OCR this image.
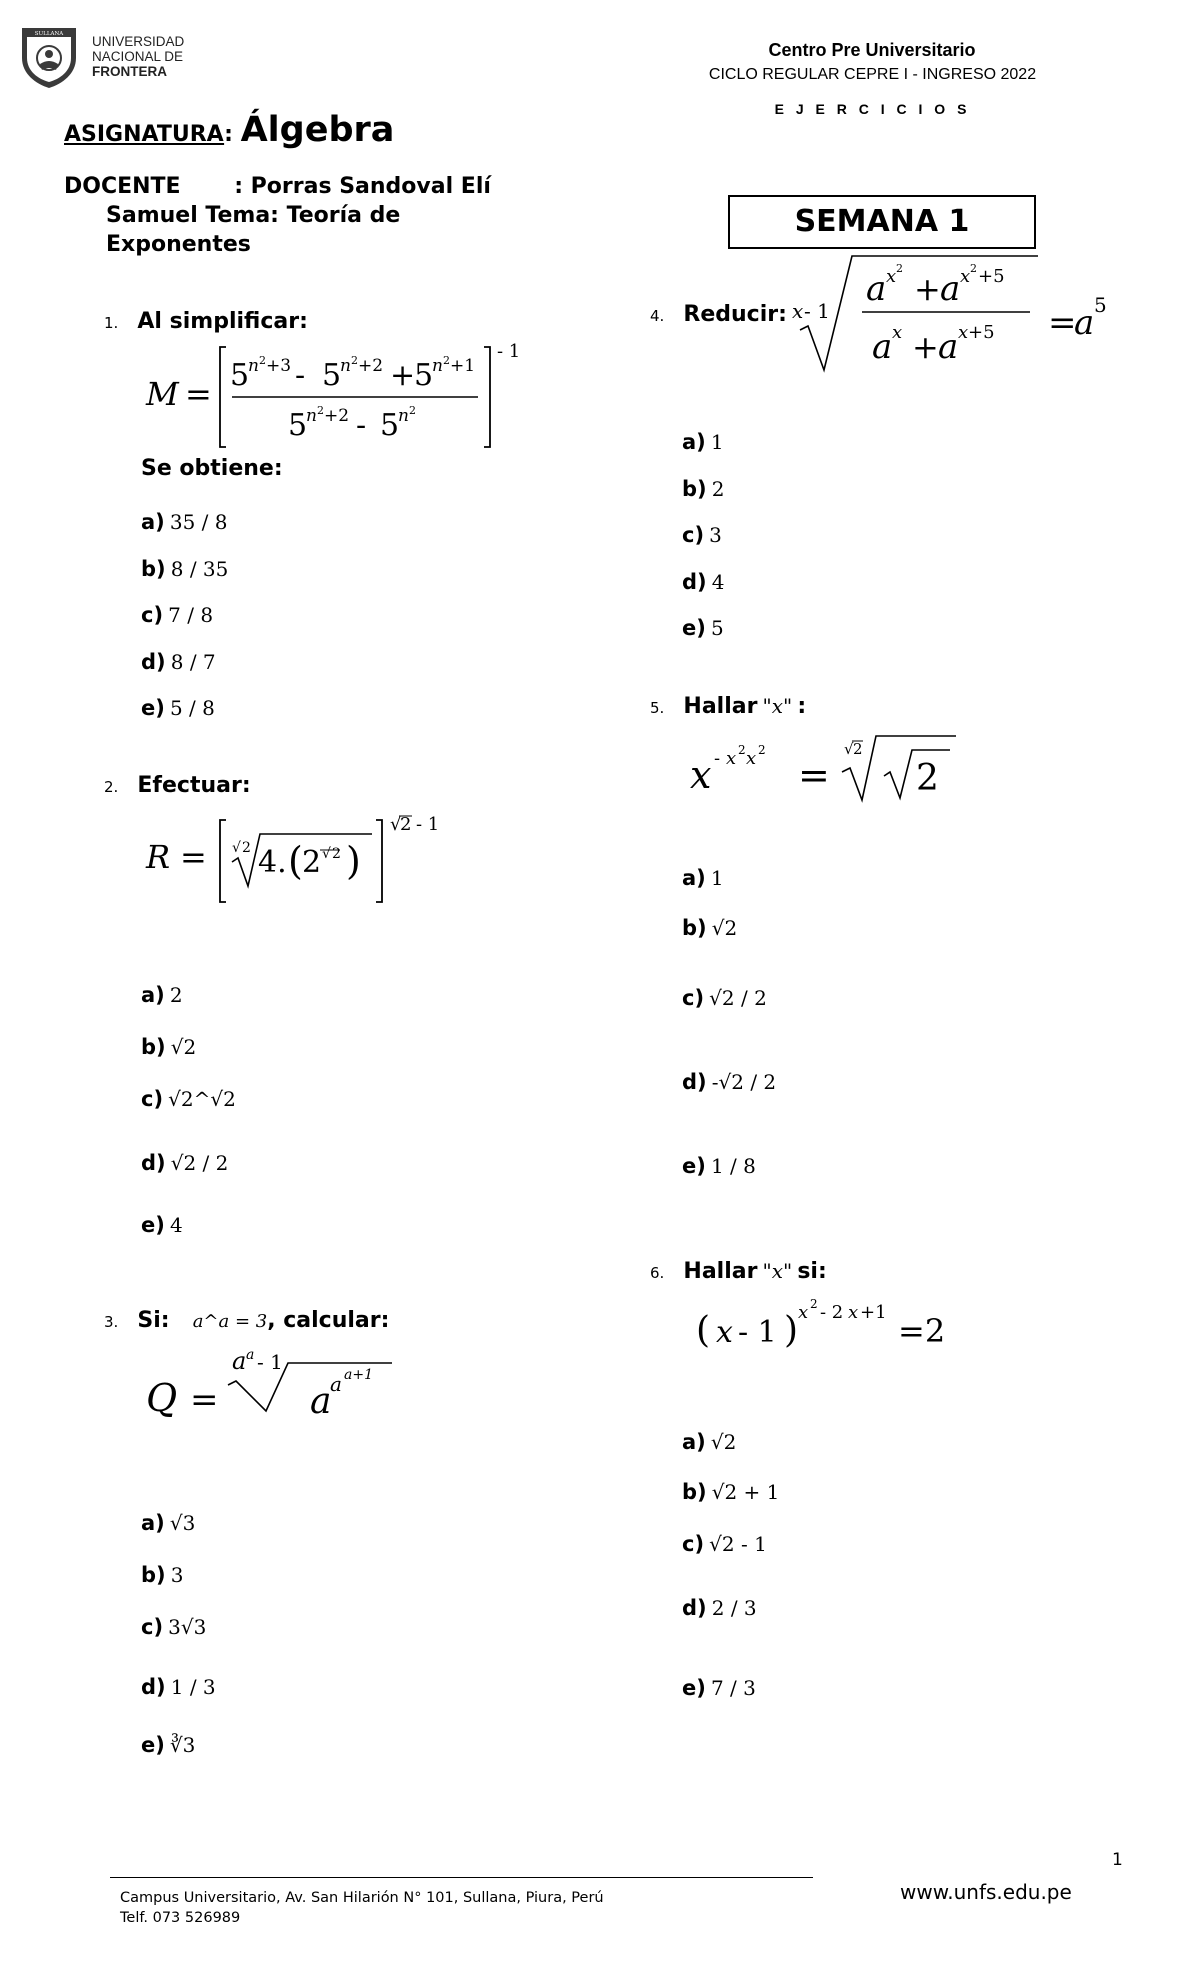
SULLANA UNIVERSIDAD
NACIONAL DE
FRONTERA
Centro Pre Universitario
CICLO REGULAR CEPRE I - INGRESO 2022
E J E R C I C I O S
ASIGNATURA: Álgebra
DOCENTE       : Porras Sandoval Elí
Samuel Tema: Teoría de
Exponentes
SEMANA 1
1. Al simplificar:
M = 5
n 2 +3 - 5
n 2 +2 +
5
n 2 +1
5
n 2 +2 - 5
n 2
- 1
Se obtiene:
a) 35 / 8
b) 8 / 35
c) 7 / 8
d) 8 / 7
e) 5 / 8
2. Efectuar:
R = √ 2 4. ( 2 √ 2 )
√
2 - 1
a) 2
b) √2
c) √2^√2
d) √2 / 2
e) 4
3. Si: a^a = 3, calcular:
Q =
a a - 1
a
a a+1
a) √3
b) 3
c) 3√3
d) 1 / 3
e) ∛3
4. Reducir: x - 1
a x 2
+ a x 2 +5
a x + a x +5 =
a 5
a) 1
b) 2
c) 3
d) 4
e) 5
5. Hallar "x" :
x - x 2 x 2
=
√ 2
2
a) 1
b) √2
c) √2 / 2
d) -√2 / 2
e) 1 / 8
6. Hallar "x" si:
( x - 1 ) x 2 - 2 x +1 =2
a) √2
b) √2 + 1
c) √2 - 1
d) 2 / 3
e) 7 / 3
1
Campus Universitario, Av. San Hilarión N° 101, Sullana, Piura, Perú
Telf. 073 526989
www.unfs.edu.pe
